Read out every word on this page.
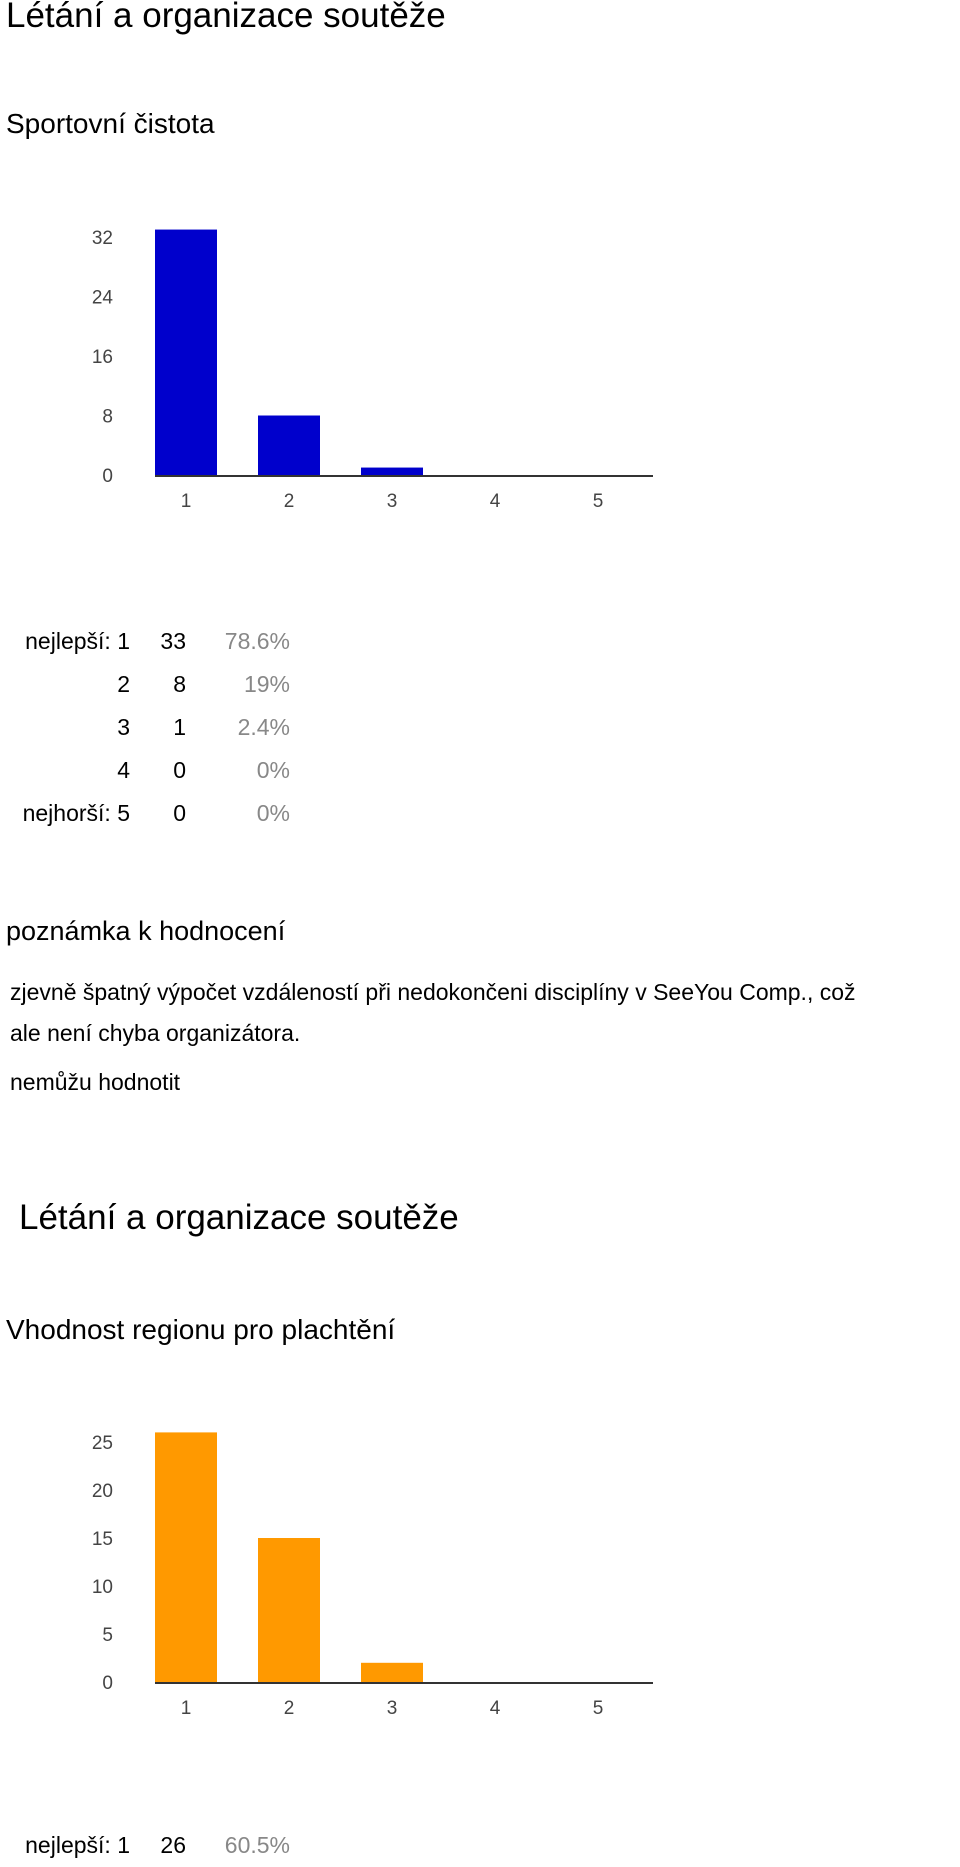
Létání a organizace soutěže
Sportovní čistota
0
8
16
24
32
1	2	3	4	5
nejlepší: 1	33	78.6%
2	8	19%
3	1	2.4%
4	0	0%
nejhorší: 5	0	0%
poznámka k hodnocení
zjevně špatný výpočet vzdáleností při nedokončeni disciplíny v SeeYou Comp., což
ale není chyba organizátora.
nemůžu hodnotit
Létání a organizace soutěže
Vhodnost regionu pro plachtění
0
5
10
15
20
25
1	2	3	4	5
nejlepší: 1	26	60.5%
